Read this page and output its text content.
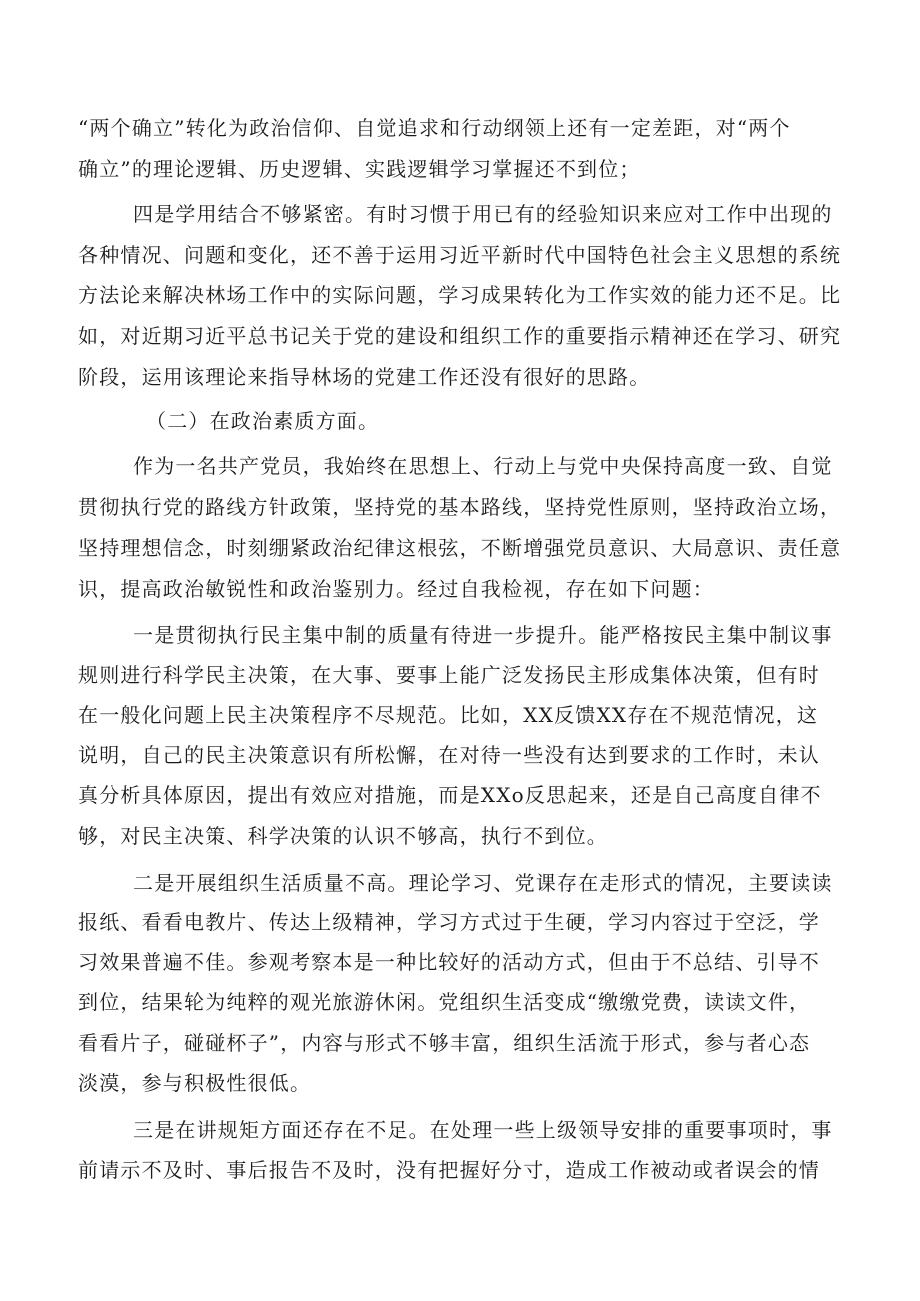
“两个确立”转化为政治信仰、自觉追求和行动纲领上还有一定差距，对“两个
确立”的理论逻辑、历史逻辑、实践逻辑学习掌握还不到位；
四是学用结合不够紧密。有时习惯于用已有的经验知识来应对工作中出现的
各种情况、问题和变化，还不善于运用习近平新时代中国特色社会主义思想的系统
方法论来解决林场工作中的实际问题，学习成果转化为工作实效的能力还不足。比
如，对近期习近平总书记关于党的建设和组织工作的重要指示精神还在学习、研究
阶段，运用该理论来指导林场的党建工作还没有很好的思路。
（二）在政治素质方面。
作为一名共产党员，我始终在思想上、行动上与党中央保持高度一致、自觉
贯彻执行党的路线方针政策，坚持党的基本路线，坚持党性原则，坚持政治立场，
坚持理想信念，时刻绷紧政治纪律这根弦，不断增强党员意识、大局意识、责任意
识，提高政治敏锐性和政治鉴别力。经过自我检视，存在如下问题：
一是贯彻执行民主集中制的质量有待进一步提升。能严格按民主集中制议事
规则进行科学民主决策，在大事、要事上能广泛发扬民主形成集体决策，但有时
在一般化问题上民主决策程序不尽规范。比如，XX反馈XX存在不规范情况，这
说明，自己的民主决策意识有所松懈，在对待一些没有达到要求的工作时，未认
真分析具体原因，提出有效应对措施，而是XXo反思起来，还是自己高度自律不
够，对民主决策、科学决策的认识不够高，执行不到位。
二是开展组织生活质量不高。理论学习、党课存在走形式的情况，主要读读
报纸、看看电教片、传达上级精神，学习方式过于生硬，学习内容过于空泛，学
习效果普遍不佳。参观考察本是一种比较好的活动方式，但由于不总结、引导不
到位，结果轮为纯粹的观光旅游休闲。党组织生活变成“缴缴党费，读读文件，
看看片子，碰碰杯子”，内容与形式不够丰富，组织生活流于形式，参与者心态
淡漠，参与积极性很低。
三是在讲规矩方面还存在不足。在处理一些上级领导安排的重要事项时，事
前请示不及时、事后报告不及时，没有把握好分寸，造成工作被动或者误会的情
